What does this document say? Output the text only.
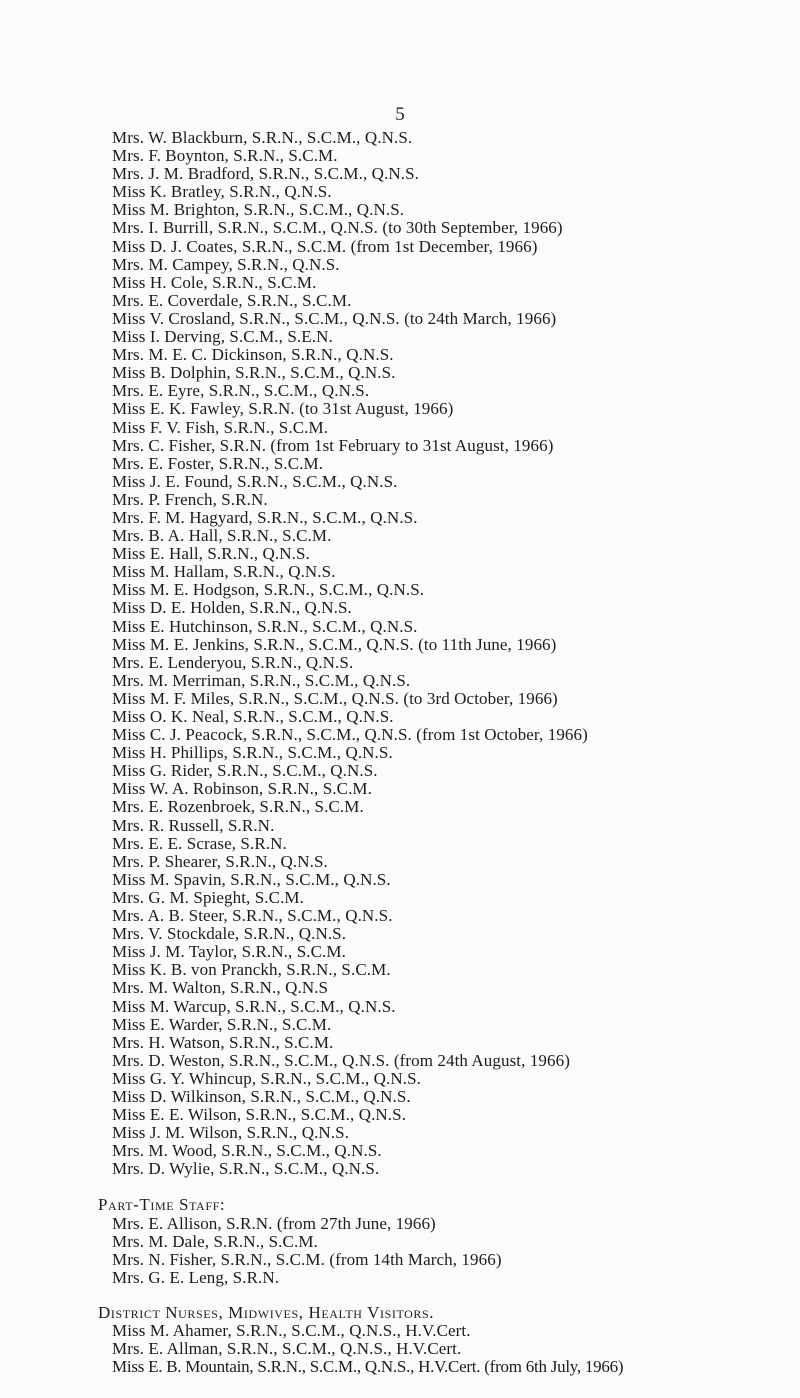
5
Mrs. W. Blackburn, S.R.N., S.C.M., Q.N.S.
Mrs. F. Boynton, S.R.N., S.C.M.
Mrs. J. M. Bradford, S.R.N., S.C.M., Q.N.S.
Miss K. Bratley, S.R.N., Q.N.S.
Miss M. Brighton, S.R.N., S.C.M., Q.N.S.
Mrs. I. Burrill, S.R.N., S.C.M., Q.N.S. (to 30th September, 1966)
Miss D. J. Coates, S.R.N., S.C.M. (from 1st December, 1966)
Mrs. M. Campey, S.R.N., Q.N.S.
Miss H. Cole, S.R.N., S.C.M.
Mrs. E. Coverdale, S.R.N., S.C.M.
Miss V. Crosland, S.R.N., S.C.M., Q.N.S. (to 24th March, 1966)
Miss I. Derving, S.C.M., S.E.N.
Mrs. M. E. C. Dickinson, S.R.N., Q.N.S.
Miss B. Dolphin, S.R.N., S.C.M., Q.N.S.
Mrs. E. Eyre, S.R.N., S.C.M., Q.N.S.
Miss E. K. Fawley, S.R.N. (to 31st August, 1966)
Miss F. V. Fish, S.R.N., S.C.M.
Mrs. C. Fisher, S.R.N. (from 1st February to 31st August, 1966)
Mrs. E. Foster, S.R.N., S.C.M.
Miss J. E. Found, S.R.N., S.C.M., Q.N.S.
Mrs. P. French, S.R.N.
Mrs. F. M. Hagyard, S.R.N., S.C.M., Q.N.S.
Mrs. B. A. Hall, S.R.N., S.C.M.
Miss E. Hall, S.R.N., Q.N.S.
Miss M. Hallam, S.R.N., Q.N.S.
Miss M. E. Hodgson, S.R.N., S.C.M., Q.N.S.
Miss D. E. Holden, S.R.N., Q.N.S.
Miss E. Hutchinson, S.R.N., S.C.M., Q.N.S.
Miss M. E. Jenkins, S.R.N., S.C.M., Q.N.S. (to 11th June, 1966)
Mrs. E. Lenderyou, S.R.N., Q.N.S.
Mrs. M. Merriman, S.R.N., S.C.M., Q.N.S.
Miss M. F. Miles, S.R.N., S.C.M., Q.N.S. (to 3rd October, 1966)
Miss O. K. Neal, S.R.N., S.C.M., Q.N.S.
Miss C. J. Peacock, S.R.N., S.C.M., Q.N.S. (from 1st October, 1966)
Miss H. Phillips, S.R.N., S.C.M., Q.N.S.
Miss G. Rider, S.R.N., S.C.M., Q.N.S.
Miss W. A. Robinson, S.R.N., S.C.M.
Mrs. E. Rozenbroek, S.R.N., S.C.M.
Mrs. R. Russell, S.R.N.
Mrs. E. E. Scrase, S.R.N.
Mrs. P. Shearer, S.R.N., Q.N.S.
Miss M. Spavin, S.R.N., S.C.M., Q.N.S.
Mrs. G. M. Spieght, S.C.M.
Mrs. A. B. Steer, S.R.N., S.C.M., Q.N.S.
Mrs. V. Stockdale, S.R.N., Q.N.S.
Miss J. M. Taylor, S.R.N., S.C.M.
Miss K. B. von Pranckh, S.R.N., S.C.M.
Mrs. M. Walton, S.R.N., Q.N.S
Miss M. Warcup, S.R.N., S.C.M., Q.N.S.
Miss E. Warder, S.R.N., S.C.M.
Mrs. H. Watson, S.R.N., S.C.M.
Mrs. D. Weston, S.R.N., S.C.M., Q.N.S. (from 24th August, 1966)
Miss G. Y. Whincup, S.R.N., S.C.M., Q.N.S.
Miss D. Wilkinson, S.R.N., S.C.M., Q.N.S.
Miss E. E. Wilson, S.R.N., S.C.M., Q.N.S.
Miss J. M. Wilson, S.R.N., Q.N.S.
Mrs. M. Wood, S.R.N., S.C.M., Q.N.S.
Mrs. D. Wylie, S.R.N., S.C.M., Q.N.S.
Part-Time Staff:
Mrs. E. Allison, S.R.N. (from 27th June, 1966)
Mrs. M. Dale, S.R.N., S.C.M.
Mrs. N. Fisher, S.R.N., S.C.M. (from 14th March, 1966)
Mrs. G. E. Leng, S.R.N.
District Nurses, Midwives, Health Visitors.
Miss M. Ahamer, S.R.N., S.C.M., Q.N.S., H.V.Cert.
Mrs. E. Allman, S.R.N., S.C.M., Q.N.S., H.V.Cert.
Miss E. B. Mountain, S.R.N., S.C.M., Q.N.S., H.V.Cert. (from 6th July, 1966)
